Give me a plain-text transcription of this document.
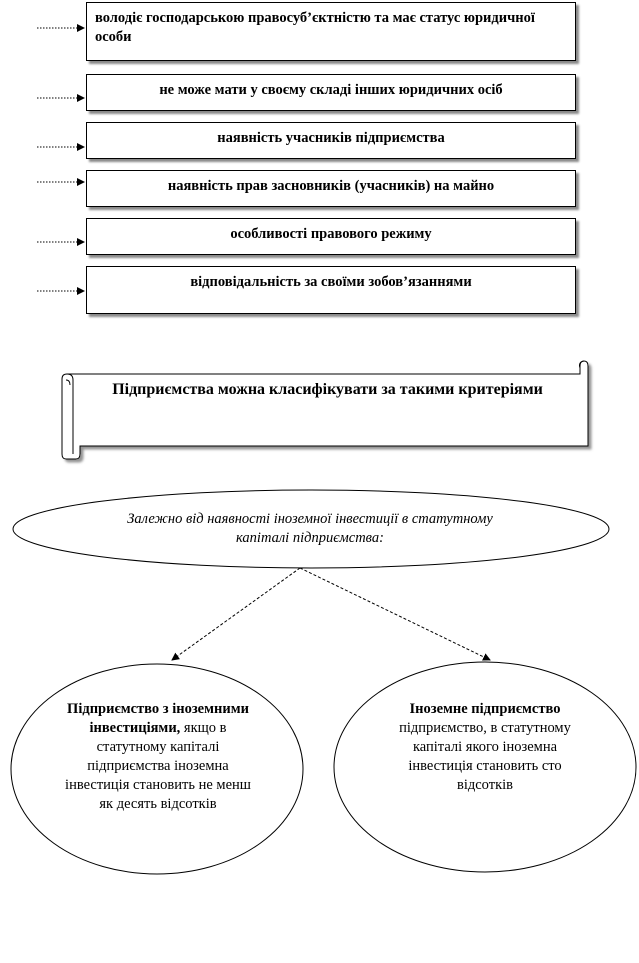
володіє господарською правосуб’єктністю та має статус юридичної особи
не може мати у своєму складі інших юридичних осіб
наявність учасників підприємства
наявність прав засновників (учасників) на майно
особливості правового режиму
відповідальність за своїми зобов’язаннями
Підприємства можна класифікувати за такими критеріями
Залежно від наявності іноземної інвестиції в статутному капіталі підприємства:
Підприємство з іноземними інвестиціями, якщо в статутному капіталі підприємства іноземна інвестиція становить не менш як десять відсотків
Іноземне підприємство підприємство, в статутному капіталі якого іноземна інвестиція становить сто відсотків
